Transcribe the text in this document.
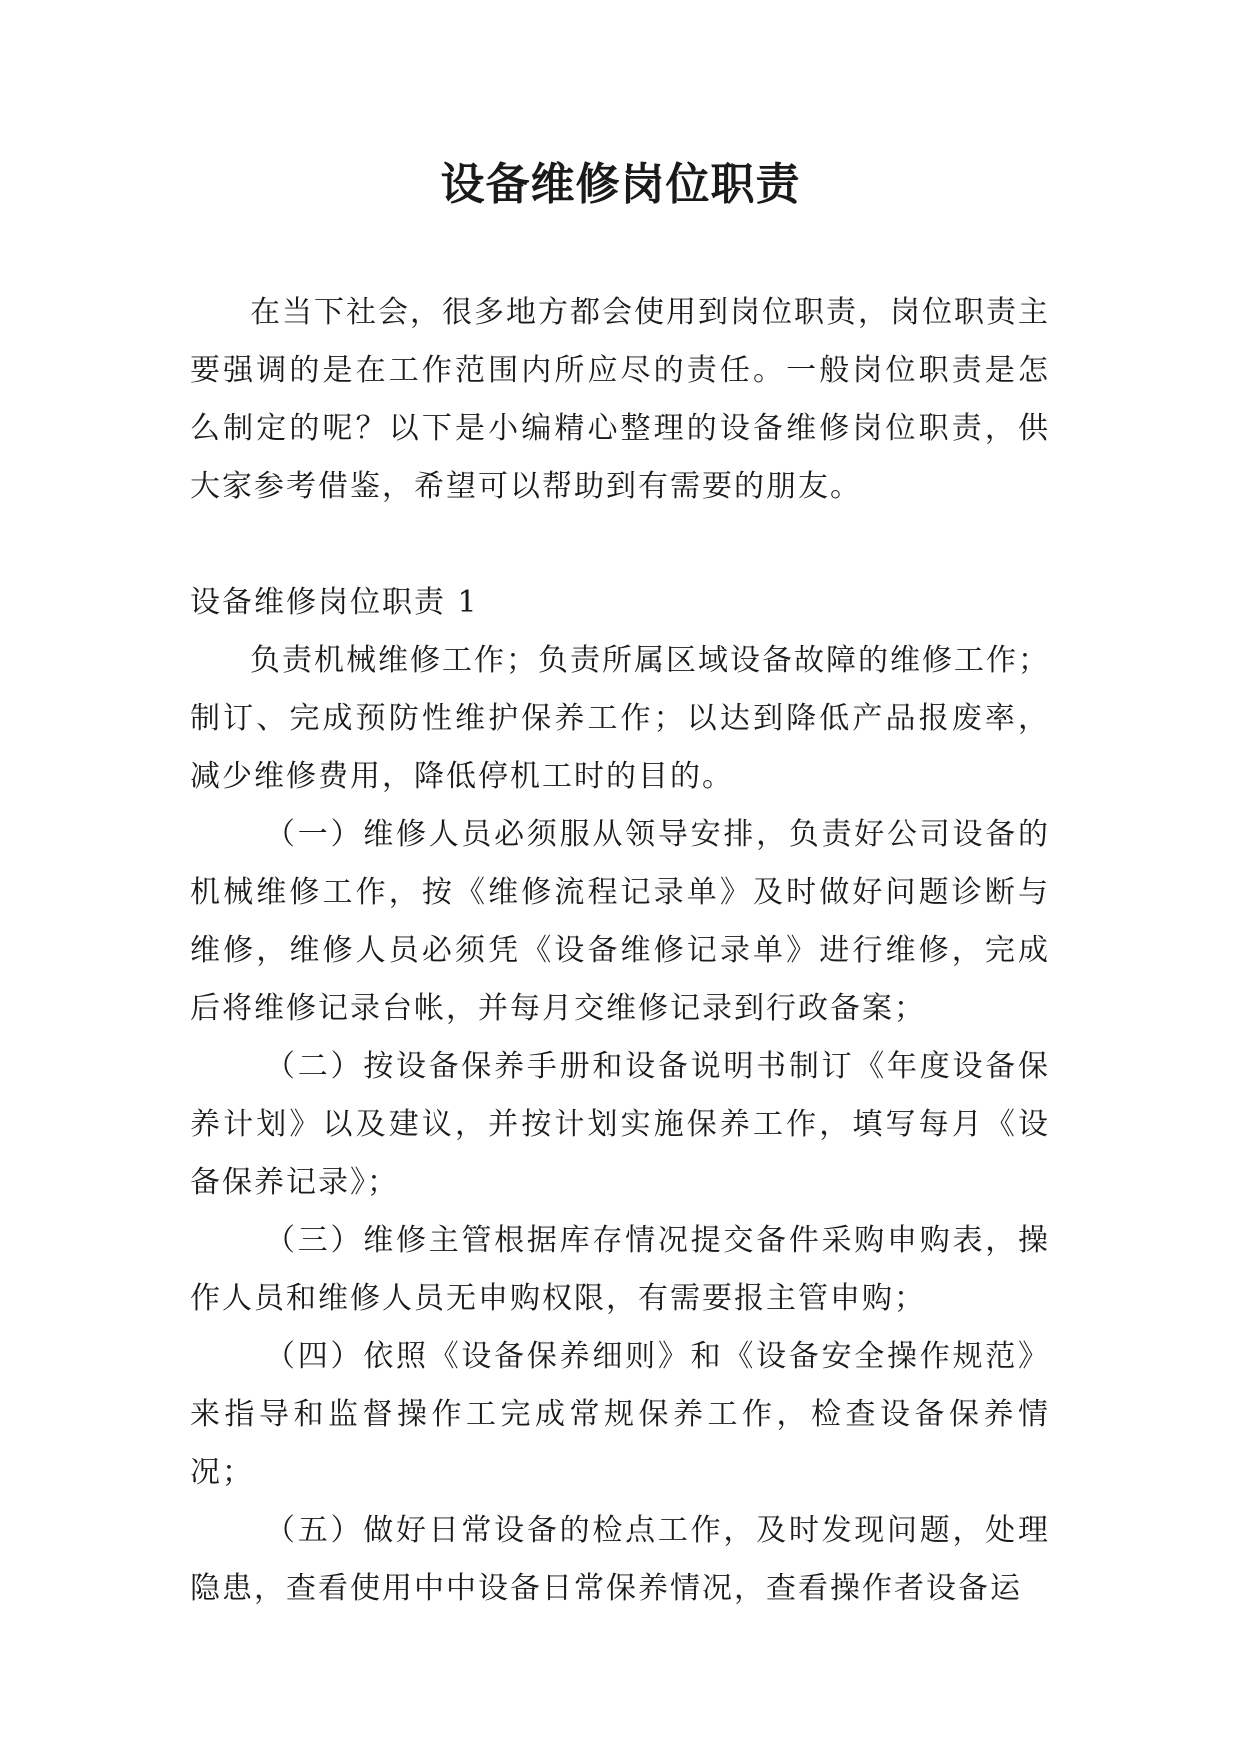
设备维修岗位职责

在当下社会，很多地方都会使用到岗位职责，岗位职责主要强调的是在工作范围内所应尽的责任。一般岗位职责是怎么制定的呢？以下是小编精心整理的设备维修岗位职责，供大家参考借鉴，希望可以帮助到有需要的朋友。

设备维修岗位职责 1

负责机械维修工作；负责所属区域设备故障的维修工作；制订、完成预防性维护保养工作；以达到降低产品报废率，减少维修费用，降低停机工时的目的。

（一）维修人员必须服从领导安排，负责好公司设备的机械维修工作，按《维修流程记录单》及时做好问题诊断与维修，维修人员必须凭《设备维修记录单》进行维修，完成后将维修记录台帐，并每月交维修记录到行政备案；

（二）按设备保养手册和设备说明书制订《年度设备保养计划》以及建议，并按计划实施保养工作，填写每月《设备保养记录》；

（三）维修主管根据库存情况提交备件采购申购表，操作人员和维修人员无申购权限，有需要报主管申购；

（四）依照《设备保养细则》和《设备安全操作规范》来指导和监督操作工完成常规保养工作，检查设备保养情况；

（五）做好日常设备的检点工作，及时发现问题，处理隐患，查看使用中中设备日常保养情况，查看操作者设备运
